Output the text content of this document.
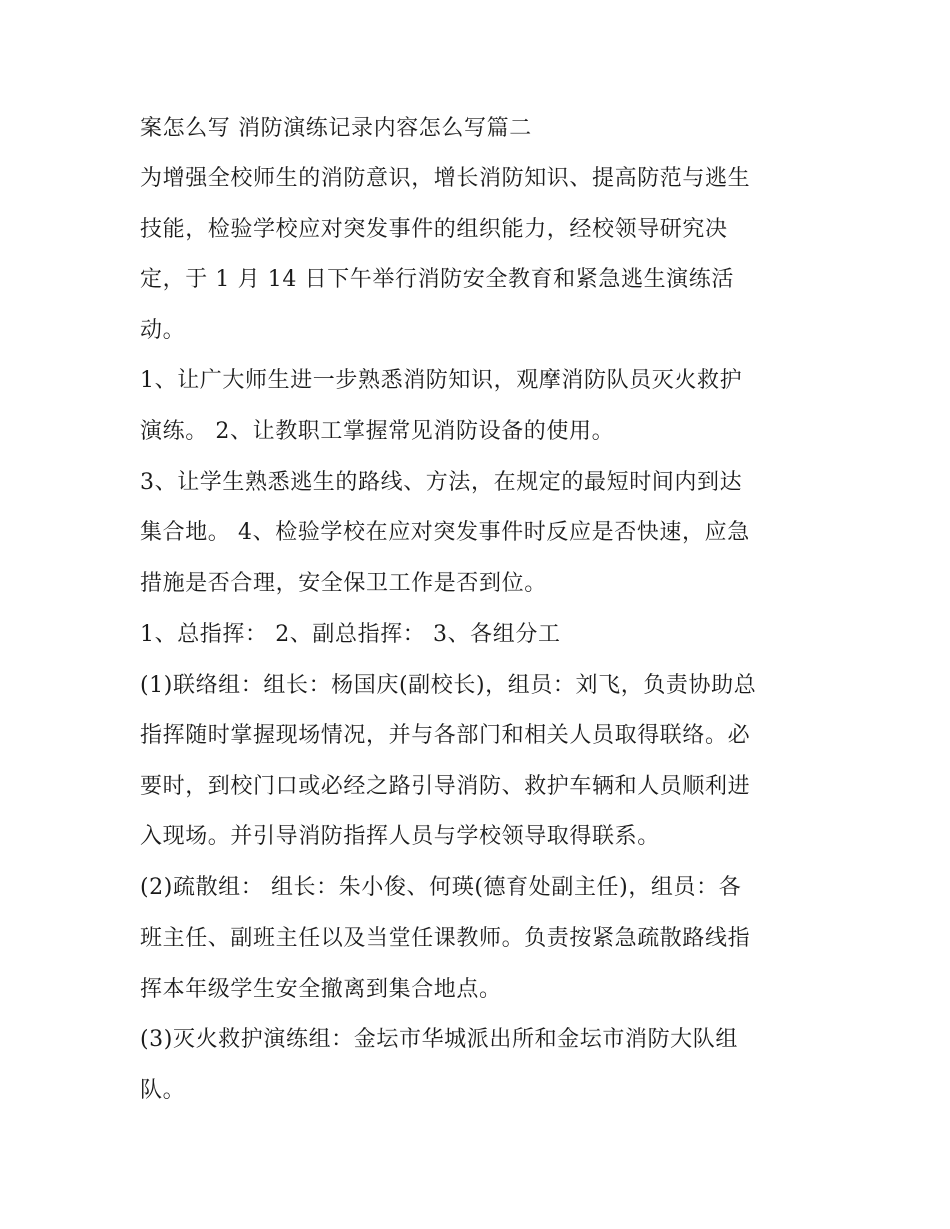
案怎么写 消防演练记录内容怎么写篇二
为增强全校师生的消防意识，增长消防知识、提高防范与逃生
技能，检验学校应对突发事件的组织能力，经校领导研究决
定，于 1 月 14 日下午举行消防安全教育和紧急逃生演练活
动。
1、让广大师生进一步熟悉消防知识，观摩消防队员灭火救护
演练。 2、让教职工掌握常见消防设备的使用。
3、让学生熟悉逃生的路线、方法，在规定的最短时间内到达
集合地。 4、检验学校在应对突发事件时反应是否快速，应急
措施是否合理，安全保卫工作是否到位。
1、总指挥： 2、副总指挥： 3、各组分工
(1)联络组：组长：杨国庆(副校长)，组员：刘飞，负责协助总
指挥随时掌握现场情况，并与各部门和相关人员取得联络。必
要时，到校门口或必经之路引导消防、救护车辆和人员顺利进
入现场。并引导消防指挥人员与学校领导取得联系。
(2)疏散组： 组长：朱小俊、何瑛(德育处副主任)，组员：各
班主任、副班主任以及当堂任课教师。负责按紧急疏散路线指
挥本年级学生安全撤离到集合地点。
(3)灭火救护演练组：金坛市华城派出所和金坛市消防大队组
队。
